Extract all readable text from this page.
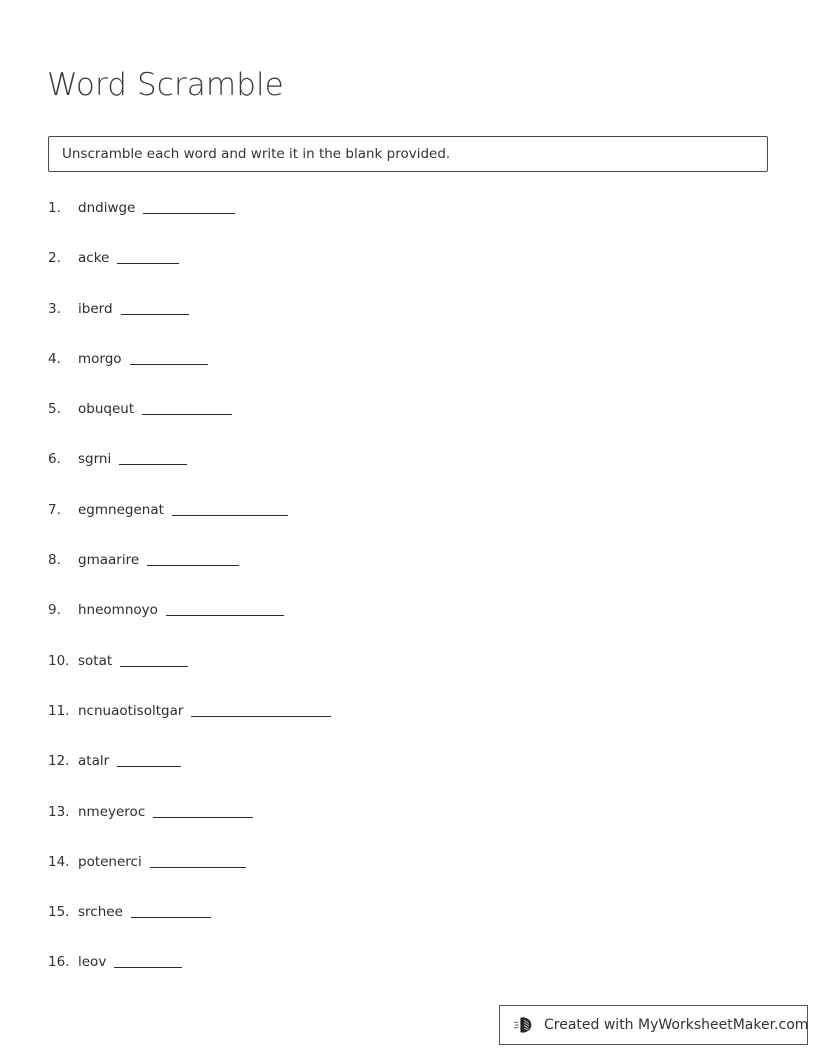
Word Scramble
Unscramble each word and write it in the blank provided.
1.	dndiwge
2.	acke
3.	iberd
4.	morgo
5.	obuqeut
6.	sgrni
7.	egmnegenat
8.	gmaarire
9.	hneomnoyo
10. sotat
11. ncnuaotisoltgar
12. atalr
13. nmeyeroc
14. potenerci
15. srchee
16. leov
Created with MyWorksheetMaker.com
